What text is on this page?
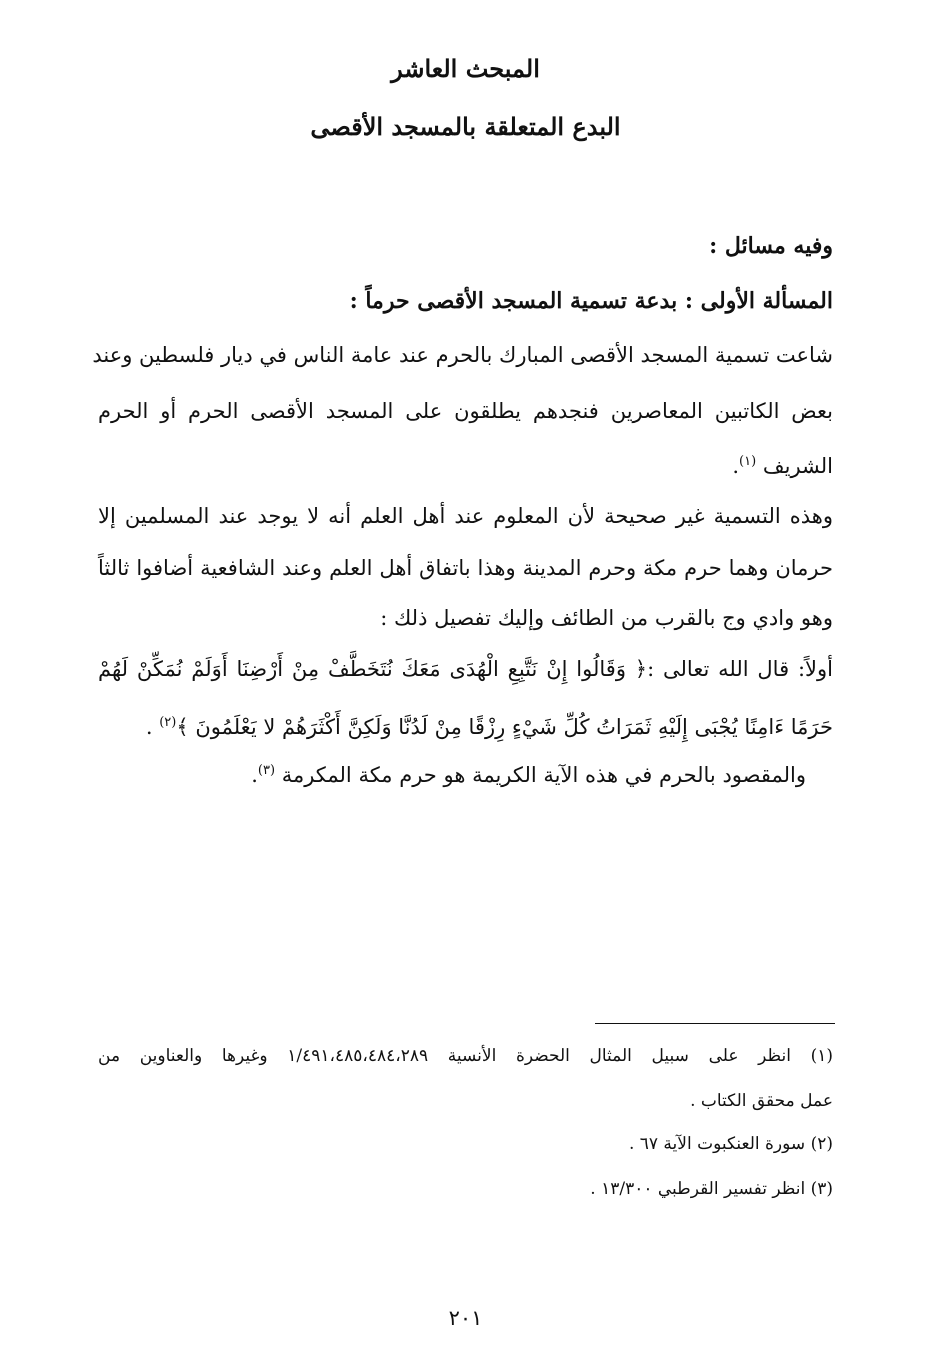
المبحث العاشر
البدع المتعلقة بالمسجد الأقصى
وفيه مسائل :
المسألة الأولى : بدعة تسمية المسجد الأقصى حرماً :
شاعت تسمية المسجد الأقصى المبارك بالحرم عند عامة الناس في ديار فلسطين وعند
بعض الكاتبين المعاصرين فنجدهم يطلقون على المسجد الأقصى الحرم أو الحرم
الشريف $^{(١)}$.
وهذه التسمية غير صحيحة لأن المعلوم عند أهل العلم أنه لا يوجد عند المسلمين إلا
حرمان وهما حرم مكة وحرم المدينة وهذا باتفاق أهل العلم وعند الشافعية أضافوا ثالثاً
وهو وادي وج بالقرب من الطائف وإليك تفصيل ذلك :
أولاً: قال الله تعالى :﴿ وَقَالُوا إِنْ نَتَّبِعِ الْهُدَى مَعَكَ نُتَخَطَّفْ مِنْ أَرْضِنَا أَوَلَمْ نُمَكِّنْ لَهُمْ
حَرَمًا ءَامِنًا يُجْبَى إِلَيْهِ ثَمَرَاتُ كُلِّ شَيْءٍ رِزْقًا مِنْ لَدُنَّا وَلَكِنَّ أَكْثَرَهُمْ لا يَعْلَمُونَ ﴾$^{(٢)}$ .
والمقصود بالحرم في هذه الآية الكريمة هو حرم مكة المكرمة $^{(٣)}$.
(١) انظر على سبيل المثال الحضرة الأنسية ١/٤٩١،٤٨٥،٤٨٤،٢٨٩ وغيرها والعناوين من
عمل محقق الكتاب .
(٢) سورة العنكبوت الآية ٦٧ .
(٣) انظر تفسير القرطبي ١٣/٣٠٠ .
٢٠١
